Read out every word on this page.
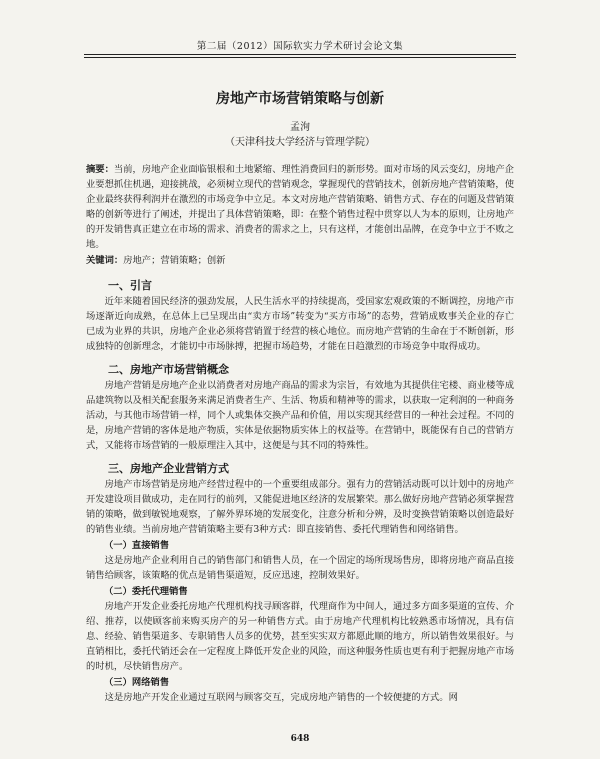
第二届（2012）国际软实力学术研讨会论文集
房地产市场营销策略与创新
孟洵
（天津科技大学经济与管理学院）

摘要：当前，房地产企业面临银根和土地紧缩、理性消费回归的新形势。面对市场的风云变幻，房地产企业要想抓住机遇，迎接挑战，必须树立现代的营销观念，掌握现代的营销技术，创新房地产营销策略，使企业最终获得利润并在激烈的市场竞争中立足。本文对房地产营销策略、销售方式、存在的问题及营销策略的创新等进行了阐述，并提出了具体营销策略，即：在整个销售过程中贯穿以人为本的原则，让房地产的开发销售真正建立在市场的需求、消费者的需求之上，只有这样，才能创出品牌，在竞争中立于不败之地。

关键词：房地产；营销策略；创新

一、引言

近年来随着国民经济的强劲发展，人民生活水平的持续提高，受国家宏观政策的不断调控，房地产市场逐渐近向成熟，在总体上已呈现出由“卖方市场”转变为“买方市场”的态势，营销成败事关企业的存亡已成为业界的共识，房地产企业必须将营销置于经营的核心地位。而房地产营销的生命在于不断创新，形成独特的创新理念，才能切中市场脉搏，把握市场趋势，才能在日趋激烈的市场竞争中取得成功。

二、房地产市场营销概念

房地产营销是房地产企业以消费者对房地产商品的需求为宗旨，有效地为其提供住宅楼、商业楼等成品建筑物以及相关配套服务来满足消费者生产、生活、物质和精神等的需求，以获取一定利润的一种商务活动，与其他市场营销一样，同个人或集体交换产品和价值，用以实现其经营目的一种社会过程。不同的是，房地产营销的客体是地产物质，实体是依据物质实体上的权益等。在营销中，既能保有自己的营销方式，又能将市场营销的一般原理注入其中，这便是与其不同的特殊性。

三、房地产企业营销方式

房地产市场营销是房地产经营过程中的一个重要组成部分。强有力的营销活动既可以计划中的房地产开发建设项目做成功，走在同行的前列，又能促进地区经济的发展繁荣。那么做好房地产营销必须掌握营销的策略，做到敏锐地观察，了解外界环境的发展变化，注意分析和分辨，及时变换营销策略以创造最好的销售业绩。当前房地产营销策略主要有3种方式：即直接销售、委托代理销售和网络销售。

（一）直接销售

这是房地产企业利用自己的销售部门和销售人员，在一个固定的场所现场售房，即将房地产商品直接销售给顾客，该策略的优点是销售渠道短，反应迅速，控制效果好。

（二）委托代理销售

房地产开发企业委托房地产代理机构找寻顾客群，代理商作为中间人，通过多方面多渠道的宣传、介绍、推荐，以使顾客前来购买房产的另一种销售方式。由于房地产代理机构比较熟悉市场情况，具有信息、经验、销售渠道多、专职销售人员多的优势，甚至实实双方都愿此顺的地方，所以销售效果很好。与直销相比，委托代销还会在一定程度上降低开发企业的风险，而这种服务性质也更有利于把握房地产市场的时机，尽快销售房产。

（三）网络销售

这是房地产开发企业通过互联网与顾客交互，完成房地产销售的一个较便捷的方式。网

648
